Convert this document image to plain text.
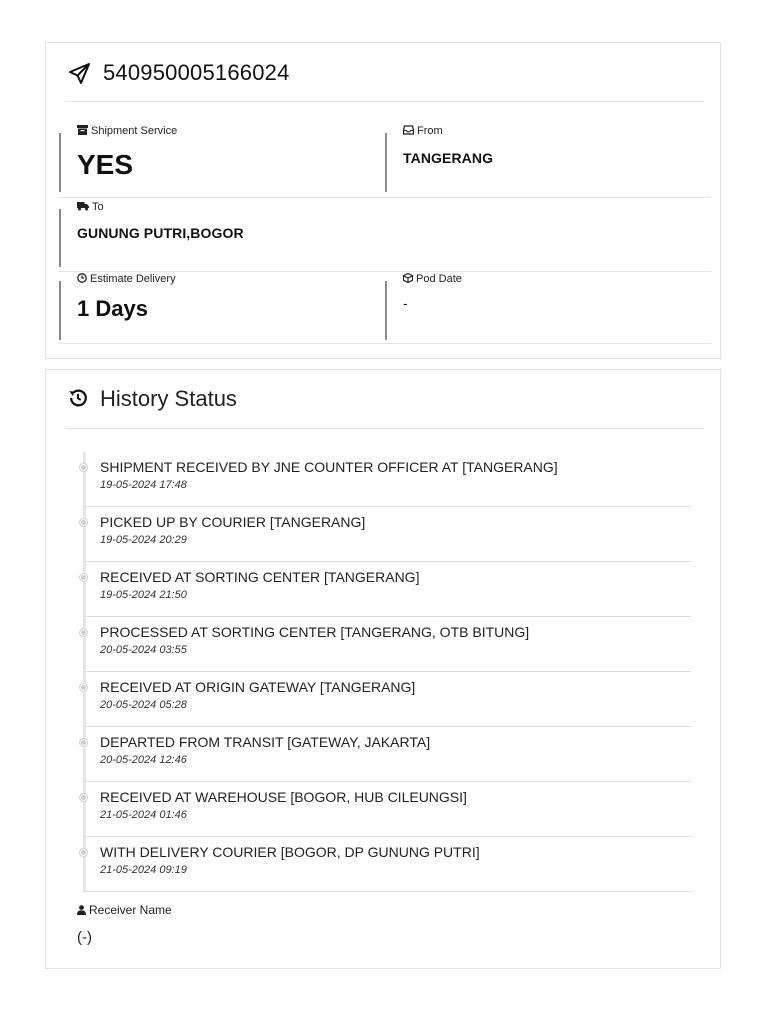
540950005166024
Shipment Service
YES
From
TANGERANG
To
GUNUNG PUTRI,BOGOR
Estimate Delivery
1 Days
Pod Date
-
History Status
SHIPMENT RECEIVED BY JNE COUNTER OFFICER AT [TANGERANG]
19-05-2024 17:48
PICKED UP BY COURIER [TANGERANG]
19-05-2024 20:29
RECEIVED AT SORTING CENTER [TANGERANG]
19-05-2024 21:50
PROCESSED AT SORTING CENTER [TANGERANG, OTB BITUNG]
20-05-2024 03:55
RECEIVED AT ORIGIN GATEWAY [TANGERANG]
20-05-2024 05:28
DEPARTED FROM TRANSIT [GATEWAY, JAKARTA]
20-05-2024 12:46
RECEIVED AT WAREHOUSE [BOGOR, HUB CILEUNGSI]
21-05-2024 01:46
WITH DELIVERY COURIER [BOGOR, DP GUNUNG PUTRI]
21-05-2024 09:19
Receiver Name
(-)
